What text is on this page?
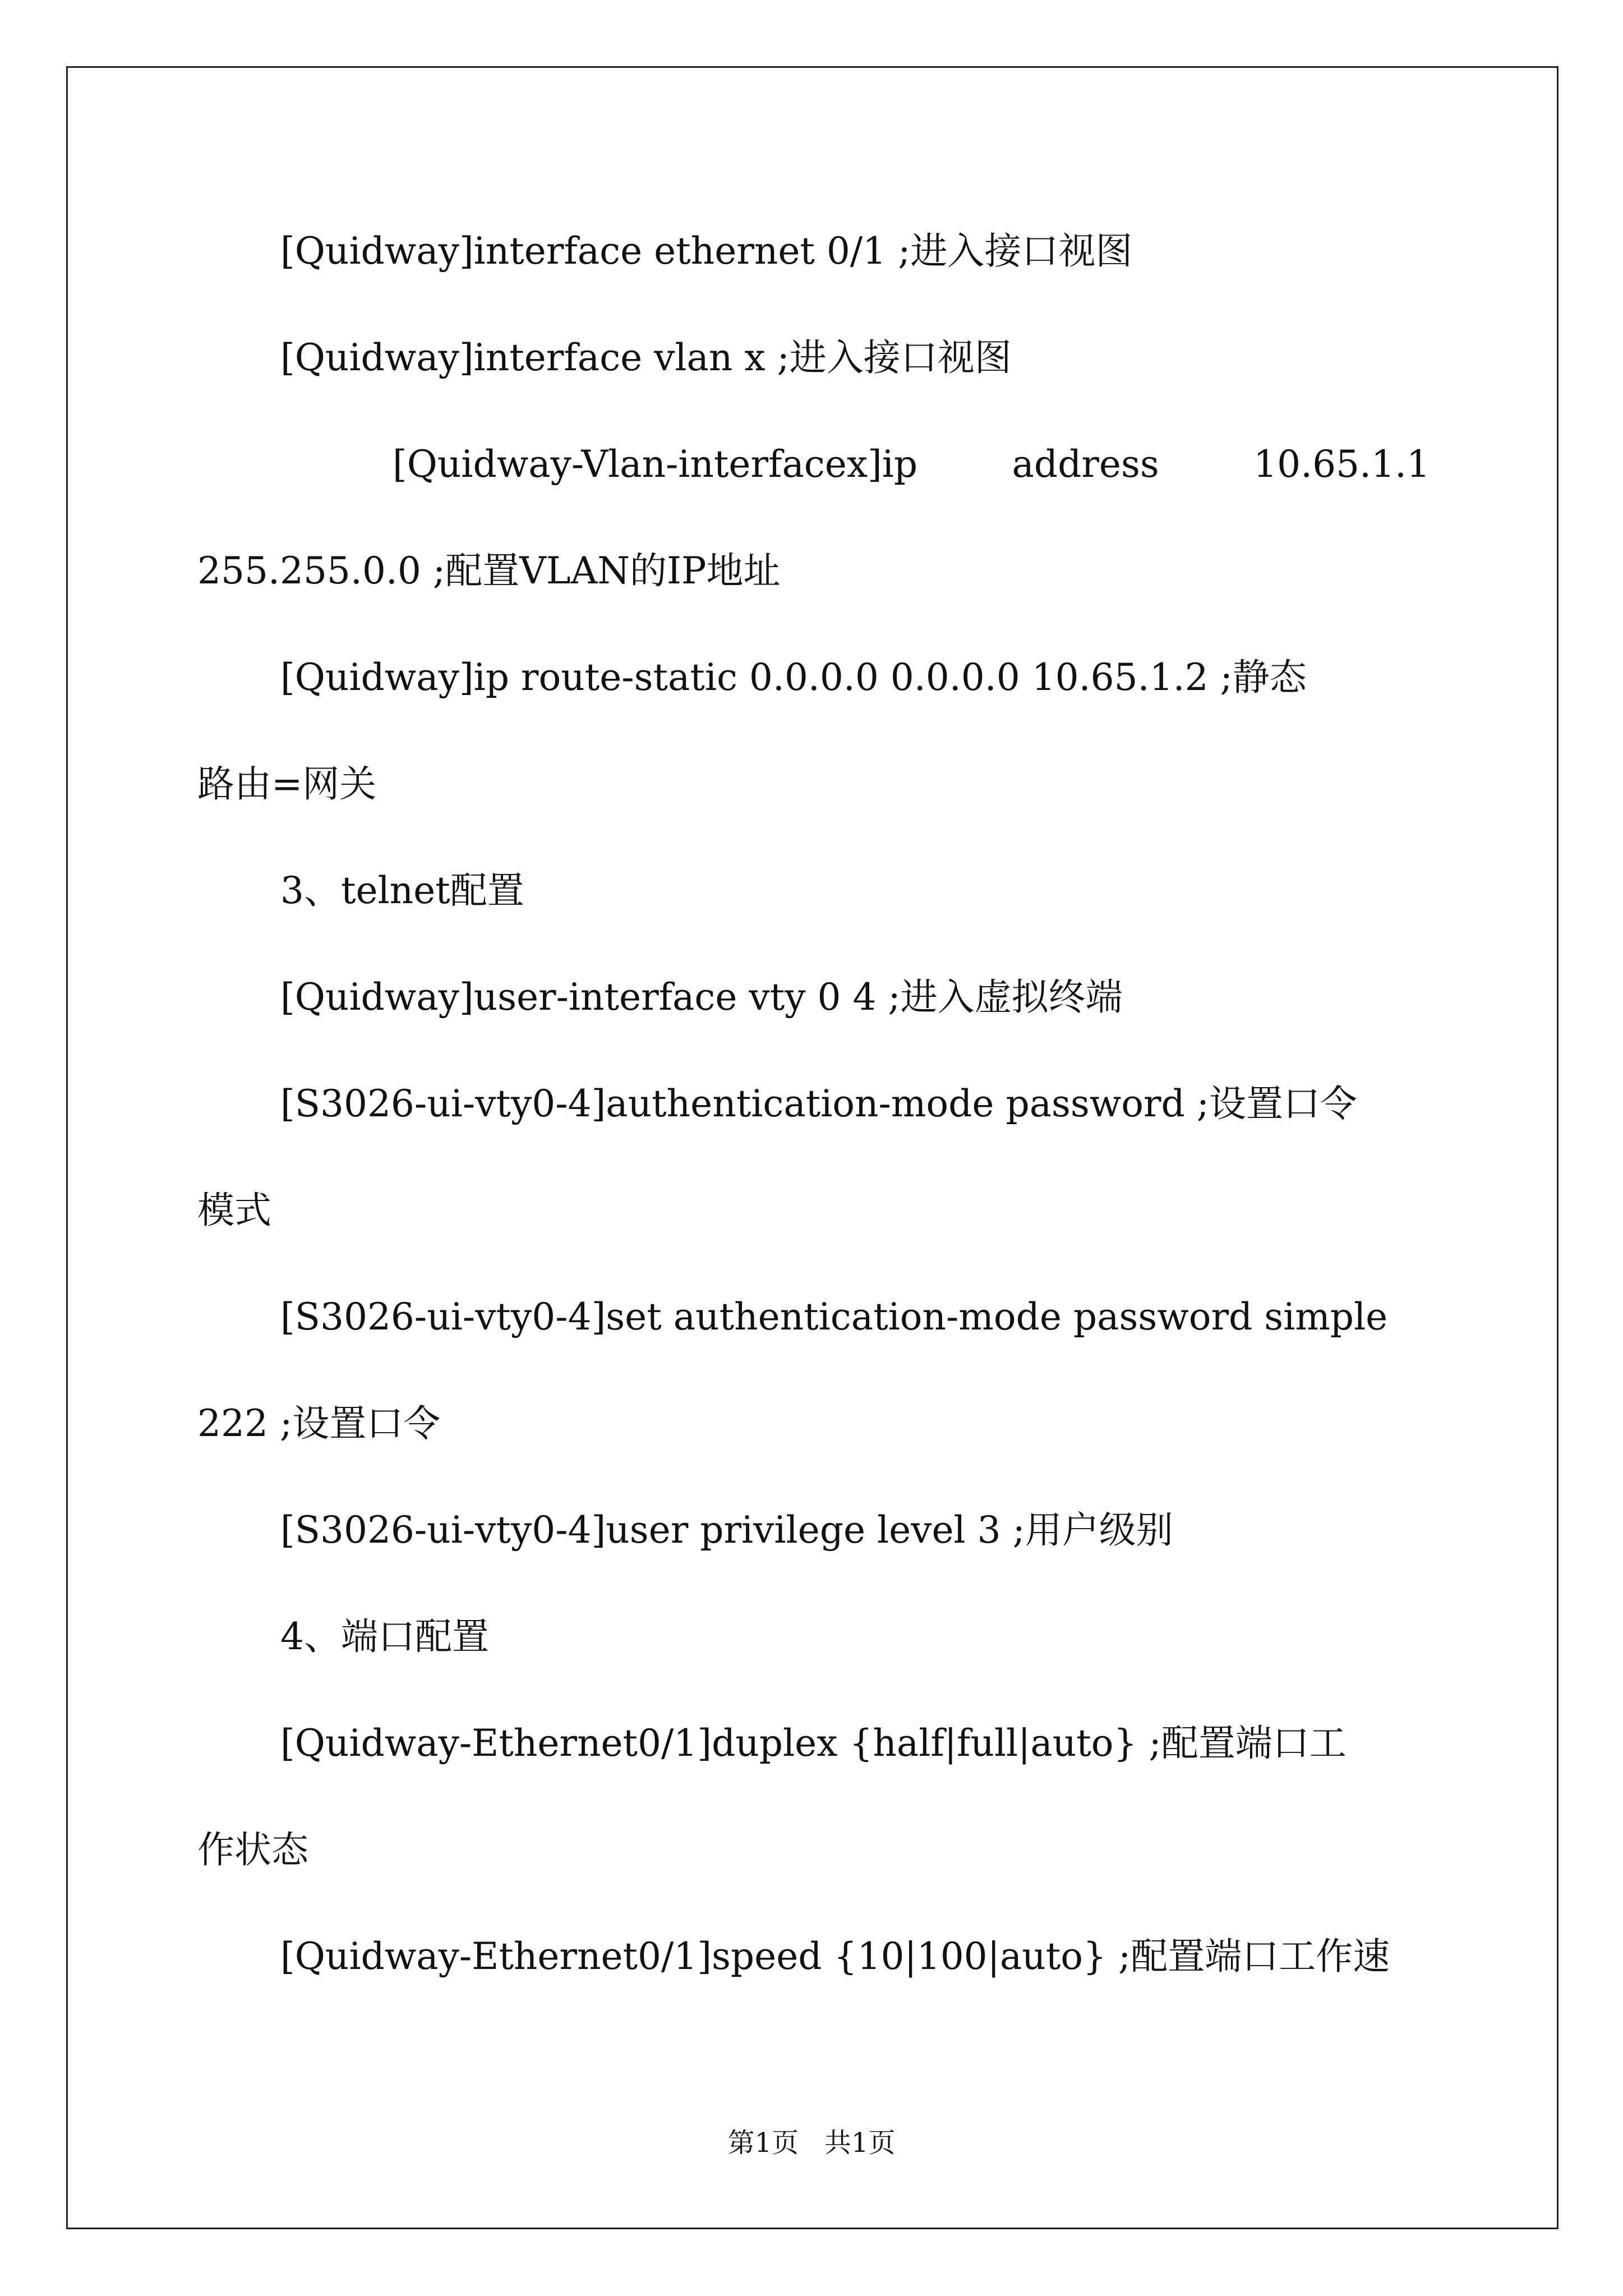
[Quidway]interface ethernet 0/1 ;进入接口视图
[Quidway]interface vlan x ;进入接口视图
[Quidway-Vlan-interfacex]ip	address	10.65.1.1
255.255.0.0 ;配置VLAN的IP地址
[Quidway]ip route-static 0.0.0.0 0.0.0.0 10.65.1.2 ;静态
路由=网关
3、telnet配置
[Quidway]user-interface vty 0 4 ;进入虚拟终端
[S3026-ui-vty0-4]authentication-mode password ;设置口令
模式
[S3026-ui-vty0-4]set authentication-mode password simple
222 ;设置口令
[S3026-ui-vty0-4]user privilege level 3 ;用户级别
4、端口配置
[Quidway-Ethernet0/1]duplex {half|full|auto} ;配置端口工
作状态
[Quidway-Ethernet0/1]speed {10|100|auto} ;配置端口工作速
第1页   共1页
